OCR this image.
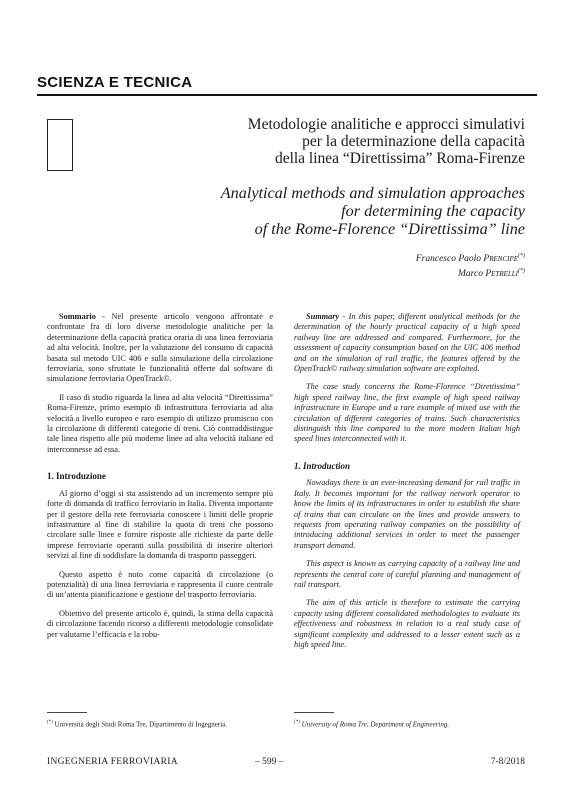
SCIENZA E TECNICA
Metodologie analitiche e approcci simulativi
per la determinazione della capacità
della linea “Direttissima” Roma-Firenze
Analytical methods and simulation approaches
for determining the capacity
of the Rome-Florence “Direttissima” line
Francesco Paolo Prencipe(*)
Marco Petrelli(*)

Sommario - Nel presente articolo vengono affrontate e confrontate fra di loro diverse metodologie analitiche per la determinazione della capacità pratica oraria di una linea ferroviaria ad alta velocità. Inoltre, per la valutazione del consumo di capacità basata sul metodo UIC 406 e sulla simulazione della circolazione ferroviaria, sono sfruttate le funzionalità offerte dal software di simulazione ferroviaria OpenTrack©.

Il caso di studio riguarda la linea ad alta velocità “Direttissima” Roma-Firenze, primo esempio di infrastruttura ferroviaria ad alta velocità a livello europeo e raro esempio di utilizzo promiscuo con la circolazione di differenti categorie di treni. Ciò contraddistingue tale linea rispetto alle più moderne linee ad alta velocità italiane ed interconnesse ad essa.

1. Introduzione

Al giorno d’oggi si sta assistendo ad un incremento sempre più forte di domanda di traffico ferroviario in Italia. Diventa importante per il gestore della rete ferroviaria conoscere i limiti delle proprie infrastrutture al fine di stabilire la quota di treni che possono circolare sulle linee e fornire risposte alle richieste da parte delle imprese ferroviarie operanti sulla possibilità di inserire ulteriori servizi al fine di soddisfare la domanda di trasporto passeggeri.

Questo aspetto è noto come capacità di circolazione (o potenzialità) di una linea ferroviaria e rappresenta il cuore centrale di un’attenta pianificazione e gestione del trasporto ferroviario.

Obiettivo del presente articolo è, quindi, la stima della capacità di circolazione facendo ricorso a differenti metodologie consolidate per valutarne l’efficacia e la robu-

Summary - In this paper, different analytical methods for the determination of the hourly practical capacity of a high speed railway line are addressed and compared. Furthermore, for the assessment of capacity consumption based on the UIC 406 method and on the simulation of rail traffic, the features offered by the OpenTrack© railway simulation software are exploited.

The case study concerns the Rome-Florence “Direttissima” high speed railway line, the first example of high speed railway infrastructure in Europe and a rare example of mixed use with the circulation of different categories of trains. Such characteristics distinguish this line compared to the more modern Italian high speed lines interconnected with it.

1. Introduction

Nowadays there is an ever-increasing demand for rail traffic in Italy. It becomes important for the railway network operator to know the limits of its infrastructures in order to establish the share of trains that can circulate on the lines and provide answers to requests from operating railway companies on the possibility of introducing additional services in order to meet the passenger transport demand.

This aspect is known as carrying capacity of a railway line and represents the central core of careful planning and management of rail transport.

The aim of this article is therefore to estimate the carrying capacity using different consolidated methodologies to evaluate its effectiveness and robustness in relation to a real study case of significant complexity and addressed to a lesser extent such as a high speed line.

(*) Università degli Studi Roma Tre, Dipartimento di Ingegneria.	(*) University of Roma Tre, Department of Engineering.
INGEGNERIA FERROVIARIA	– 599 –	7-8/2018
